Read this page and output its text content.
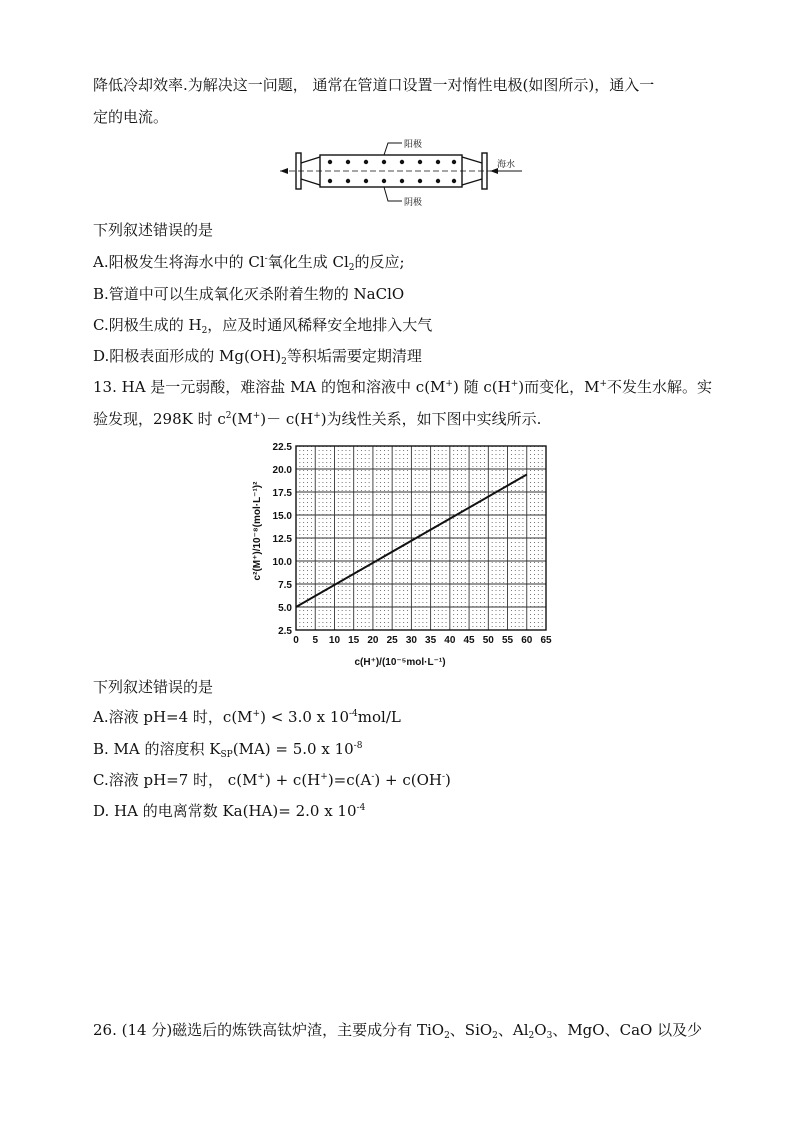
降低冷却效率.为解决这一问题， 通常在管道口设置一对惰性电极(如图所示)，通入一
定的电流。
阳极
阴极
海水
下列叙述错误的是
A.阳极发生将海水中的 Cl-氧化生成 $Cl_2$的反应;
B.管道中可以生成氧化灭杀附着生物的 NaClO
C.阴极生成的 $H_2$，应及时通风稀释安全地排入大气
D.阳极表面形成的 $Mg(OH)_2$等积垢需要定期清理
13. HA 是一元弱酸，难溶盐 MA 的饱和溶液中 c(M+) 随 c(H+)而变化，M+不发生水解。实
验发现，298K 时 $c^2(M^+)- c(H^+)$为线性关系，如下图中实线所示.
0 5 10 15 20 25 30 35 40 45 50 55 60 65
2.5
5.0
7.5
10.0
12.5
15.0
17.5
20.0
22.5
c(H⁺)/(10⁻⁵mol·L⁻¹)
c²(M⁺)/10⁻⁸(mol·L⁻¹)²
下列叙述错误的是
A.溶液 pH=4 时，c(M+) < 3.0 x $10^{-4}mol/L$
B. MA 的溶度积 $K_{SP}(MA) = 5.0$ x $10^{-8}$
C.溶液 pH=7 时， c(M+) + c(H+)=c(A-) + c(OH-)
D. HA 的电离常数 Ka(HA)= 2.0 x $10^{-4}$
26. (14 分)磁选后的炼铁高钛炉渣，主要成分有 TiO$_2$、SiO$_2$、$Al_2O_3$、MgO、CaO 以及少
